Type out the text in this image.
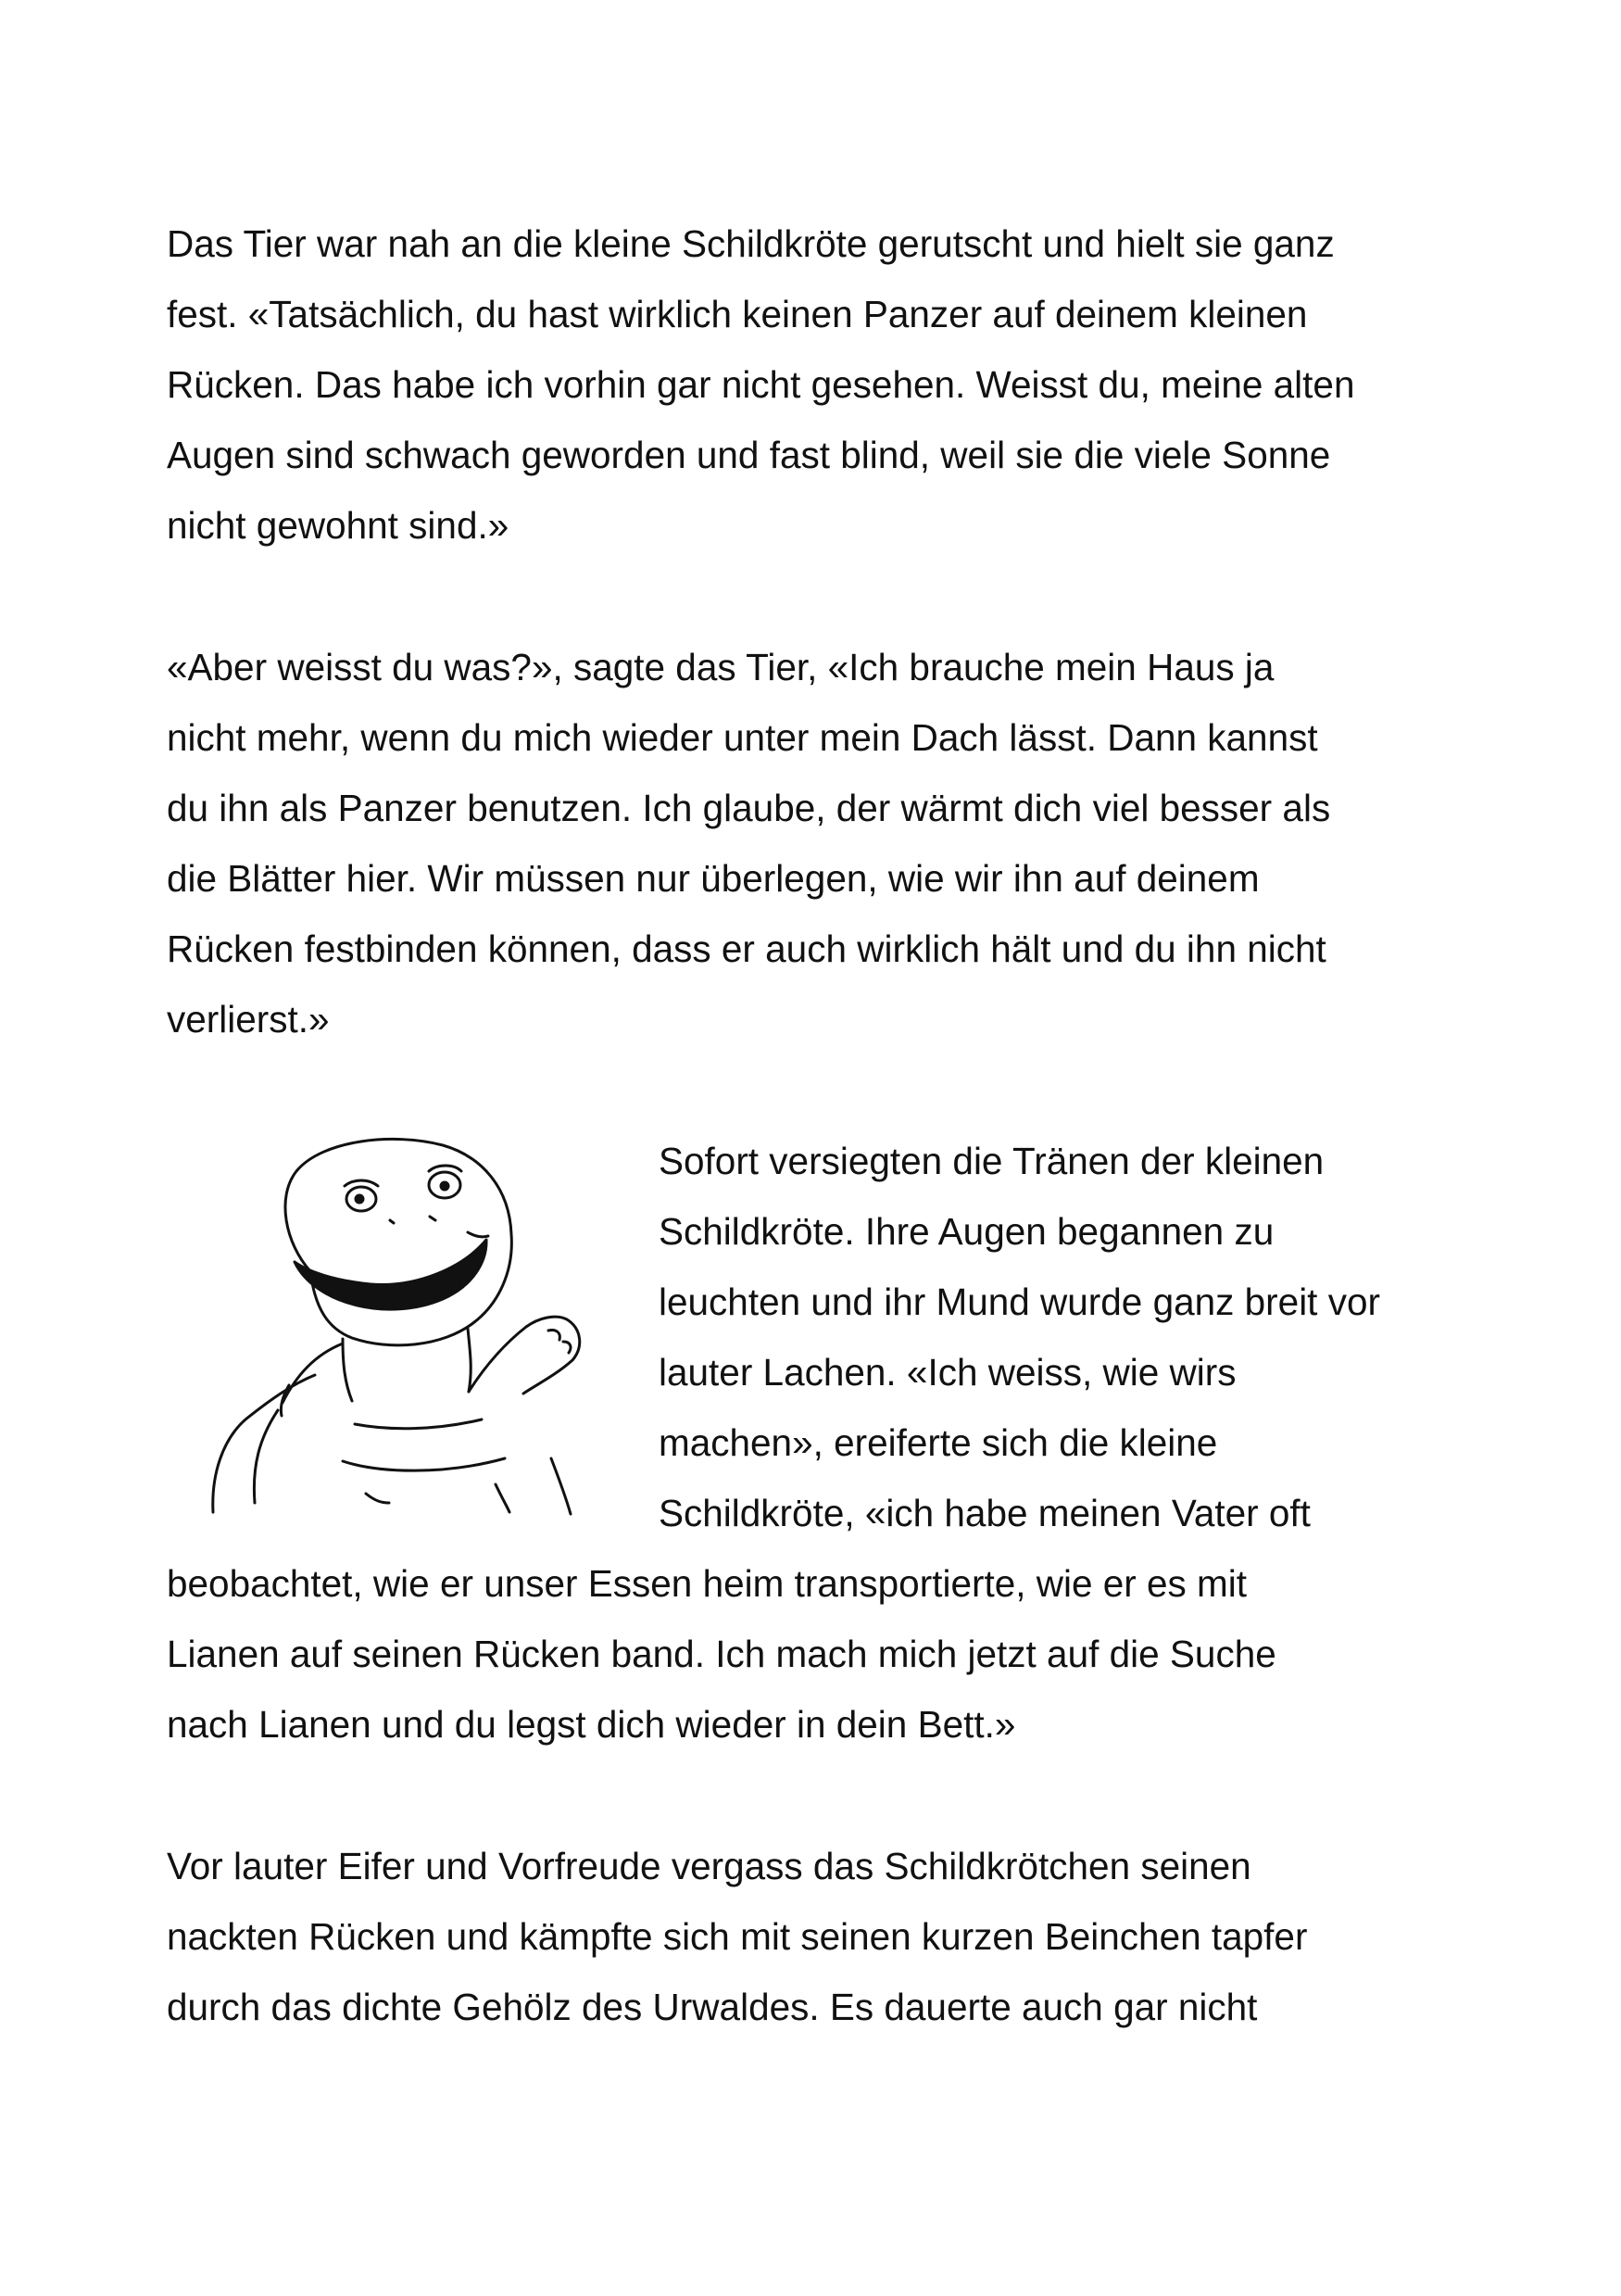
Das Tier war nah an die kleine Schildkröte gerutscht und hielt sie ganz
fest. «Tatsächlich, du hast wirklich keinen Panzer auf deinem kleinen
Rücken. Das habe ich vorhin gar nicht gesehen. Weisst du, meine alten
Augen sind schwach geworden und fast blind, weil sie die viele Sonne
nicht gewohnt sind.»
«Aber weisst du was?», sagte das Tier, «Ich brauche mein Haus ja
nicht mehr, wenn du mich wieder unter mein Dach lässt. Dann kannst
du ihn als Panzer benutzen. Ich glaube, der wärmt dich viel besser als
die Blätter hier. Wir müssen nur überlegen, wie wir ihn auf deinem
Rücken festbinden können, dass er auch wirklich hält und du ihn nicht
verlierst.»
Sofort versiegten die Tränen der kleinen
Schildkröte. Ihre Augen begannen zu
leuchten und ihr Mund wurde ganz breit vor
lauter Lachen. «Ich weiss, wie wirs
machen», ereiferte sich die kleine
Schildkröte, «ich habe meinen Vater oft
beobachtet, wie er unser Essen heim transportierte, wie er es mit
Lianen auf seinen Rücken band. Ich mach mich jetzt auf die Suche
nach Lianen und du legst dich wieder in dein Bett.»
Vor lauter Eifer und Vorfreude vergass das Schildkrötchen seinen
nackten Rücken und kämpfte sich mit seinen kurzen Beinchen tapfer
durch das dichte Gehölz des Urwaldes. Es dauerte auch gar nicht
